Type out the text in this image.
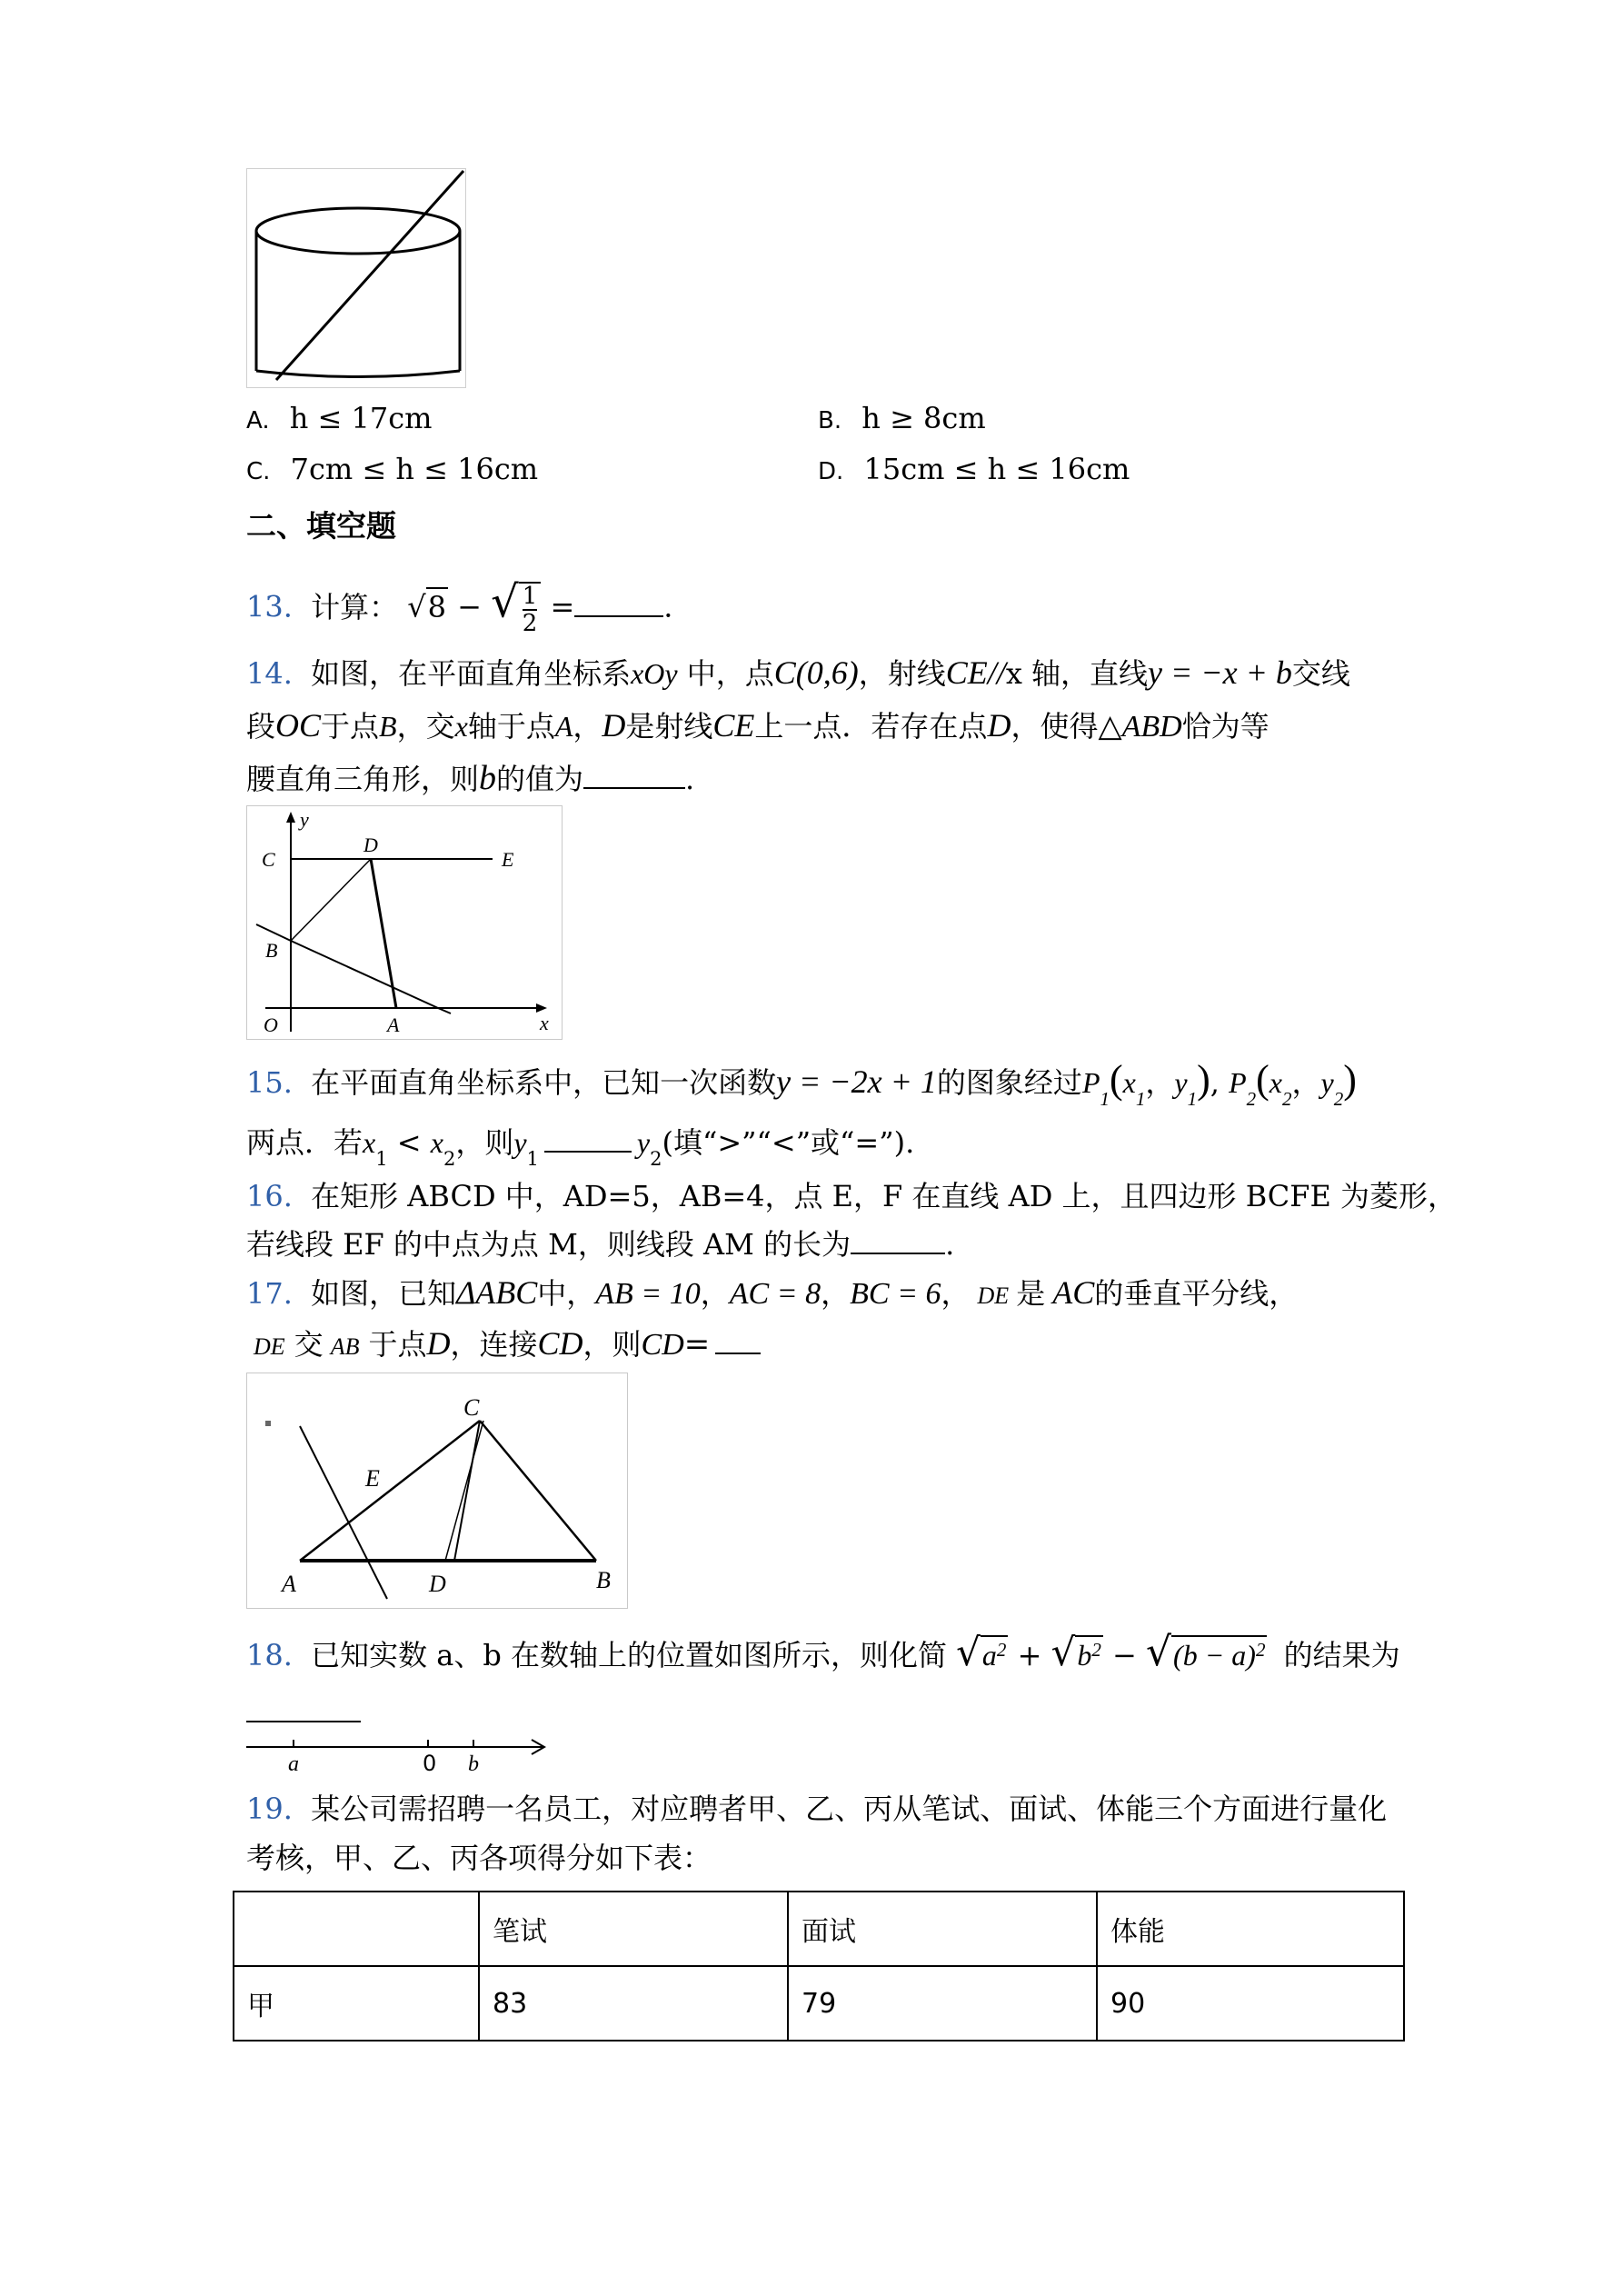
A. h ≤ 17cm	B. h ≥ 8cm
C. 7cm ≤ h ≤ 16cm	D. 15cm ≤ h ≤ 16cm
二、填空题
13. 计算： √8 − √ $\frac{1}{2}$ =	.
14. 如图，在平面直角坐标系xOy 中，点C(0,6)，射线CE//x 轴，直线y = −x + b交线
段OC于点B，交x轴于点A，D是射线CE上一点．若存在点D，使得△ABD恰为等
腰直角三角形，则b的值为	.
y
C
D
E
B
O	A	x
15. 在平面直角坐标系中，已知一次函数y = −2x + 1的图象经过$P_1(x_1$，$y_1$), $P_2(x_2$，$y_2$)
两点．若$x_1 < x_2$，则$y_1$	$y_2$(填“>”“<”或“=”).
16. 在矩形 ABCD 中，AD=5，AB=4，点 E，F 在直线 AD 上，且四边形 BCFE 为菱形，
若线段 EF 的中点为点 M，则线段 AM 的长为	.
17. 如图，已知ΔABC中，AB = 10，AC = 8，BC = 6， DE 是 AC的垂直平分线，
DE 交 AB 于点D，连接CD，则CD=
C
E
A	D	B
18. 已知实数 a、b 在数轴上的位置如图所示，则化简 $√a^2 + √b^2 - √(b - a)^2$ 的结果为
a	0 b
19. 某公司需招聘一名员工，对应聘者甲、乙、丙从笔试、面试、体能三个方面进行量化
考核，甲、乙、丙各项得分如下表：
	笔试	面试	体能
甲	83	79	90
